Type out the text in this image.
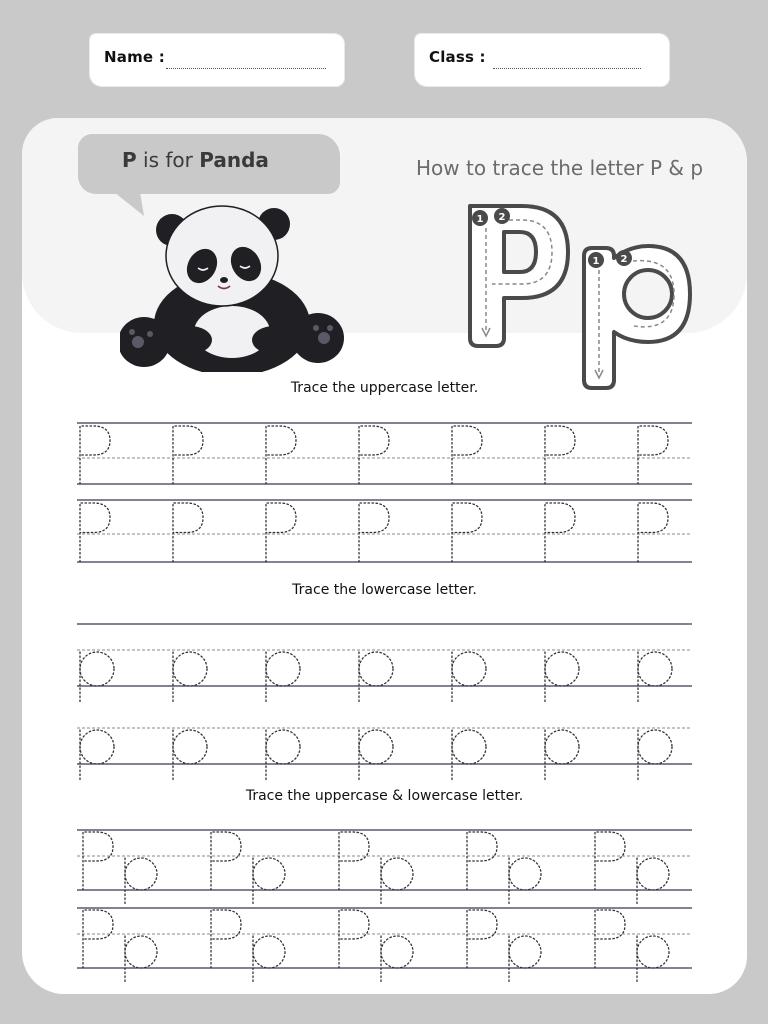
Name :	Class :
P is for Panda	How to trace the letter P & p
1 2
1 2
Trace the uppercase letter.
Trace the lowercase letter.
Trace the uppercase & lowercase letter.
